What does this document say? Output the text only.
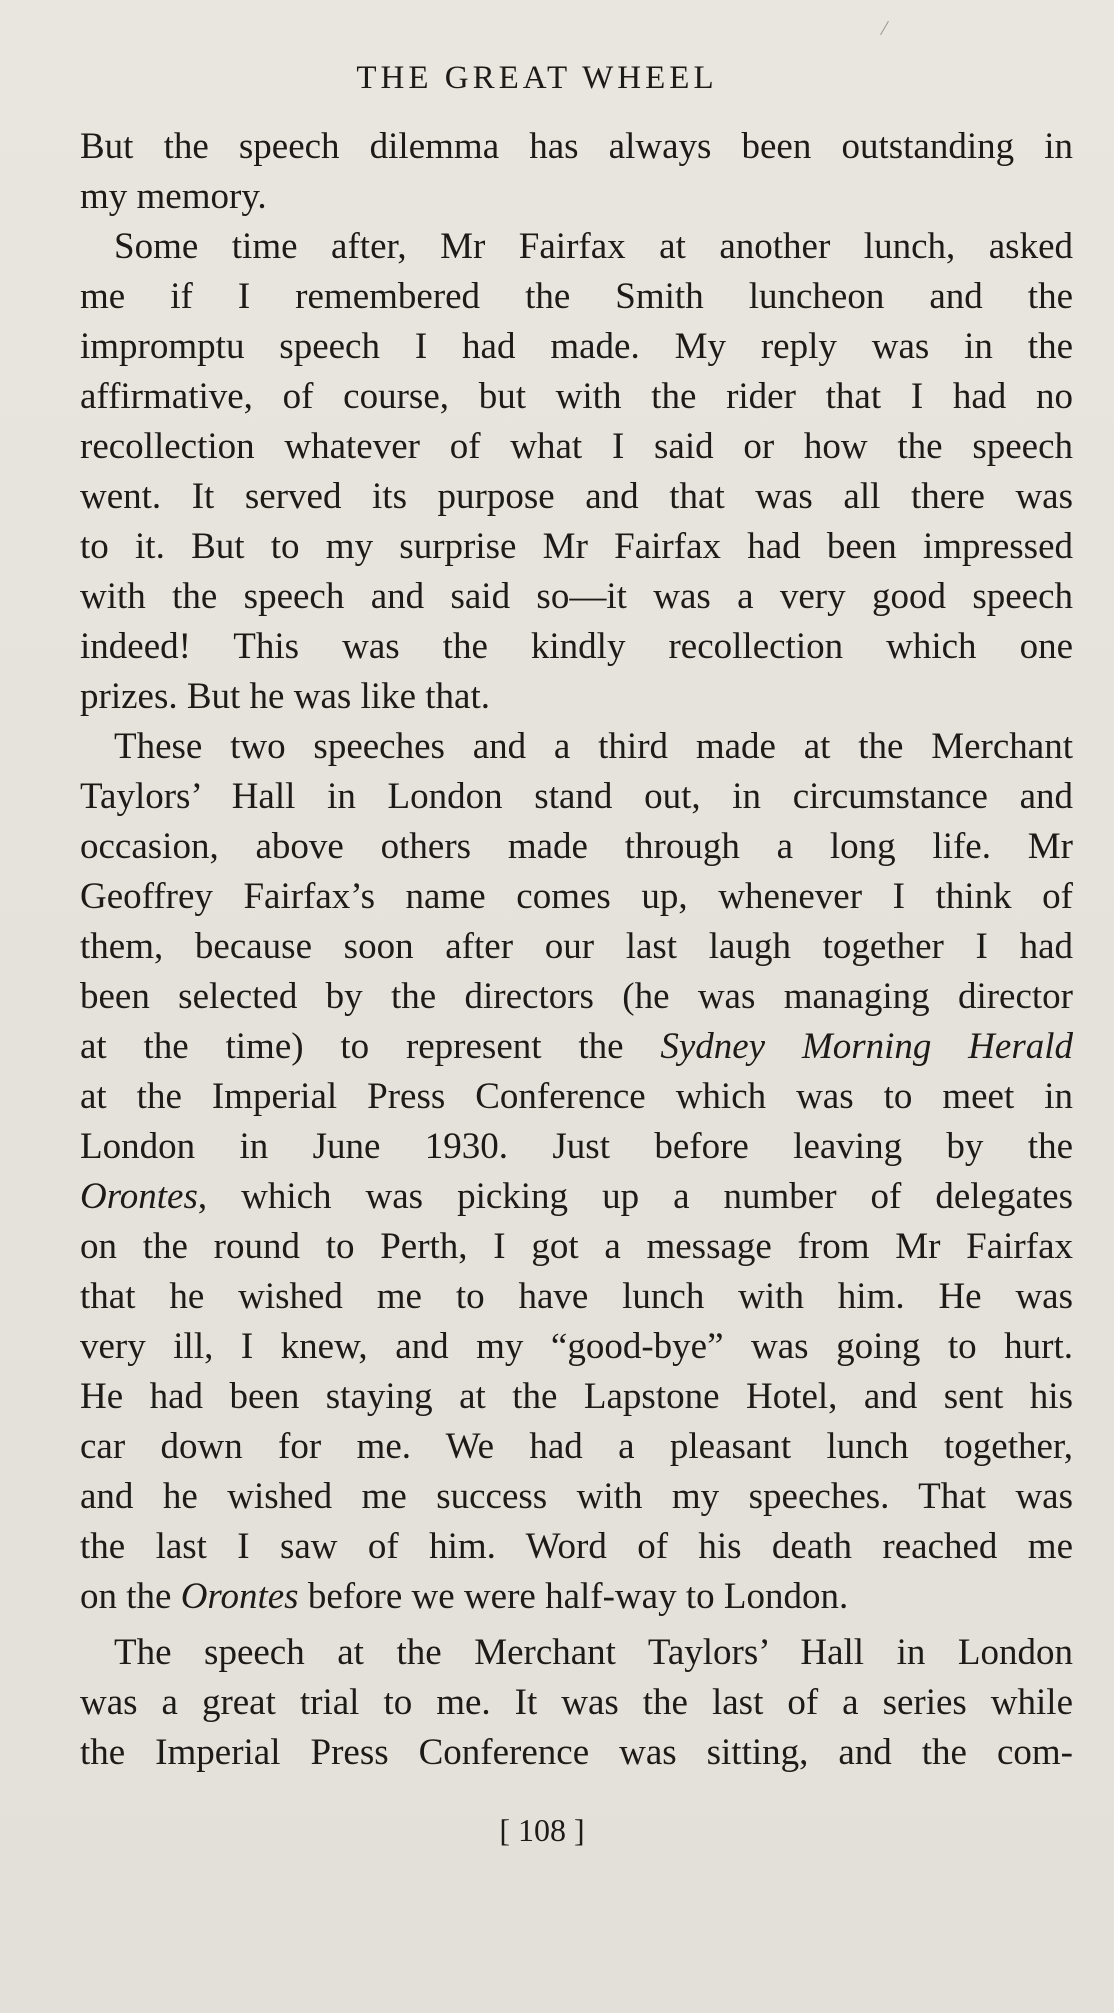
THE GREAT WHEEL
But the speech dilemma has always been outstanding in
my memory.
Some time after, Mr Fairfax at another lunch, asked
me if I remembered the Smith luncheon and the
impromptu speech I had made. My reply was in the
affirmative, of course, but with the rider that I had no
recollection whatever of what I said or how the speech
went. It served its purpose and that was all there was
to it. But to my surprise Mr Fairfax had been impressed
with the speech and said so—it was a very good speech
indeed! This was the kindly recollection which one
prizes. But he was like that.
These two speeches and a third made at the Merchant
Taylors’ Hall in London stand out, in circumstance and
occasion, above others made through a long life. Mr
Geoffrey Fairfax’s name comes up, whenever I think of
them, because soon after our last laugh together I had
been selected by the directors (he was managing director
at the time) to represent the Sydney Morning Herald
at the Imperial Press Conference which was to meet in
London in June 1930. Just before leaving by the
Orontes, which was picking up a number of delegates
on the round to Perth, I got a message from Mr Fairfax
that he wished me to have lunch with him. He was
very ill, I knew, and my “good-bye” was going to hurt.
He had been staying at the Lapstone Hotel, and sent his
car down for me. We had a pleasant lunch together,
and he wished me success with my speeches. That was
the last I saw of him. Word of his death reached me
on the Orontes before we were half-way to London.
The speech at the Merchant Taylors’ Hall in London
was a great trial to me. It was the last of a series while
the Imperial Press Conference was sitting, and the com-
[ 108 ]
